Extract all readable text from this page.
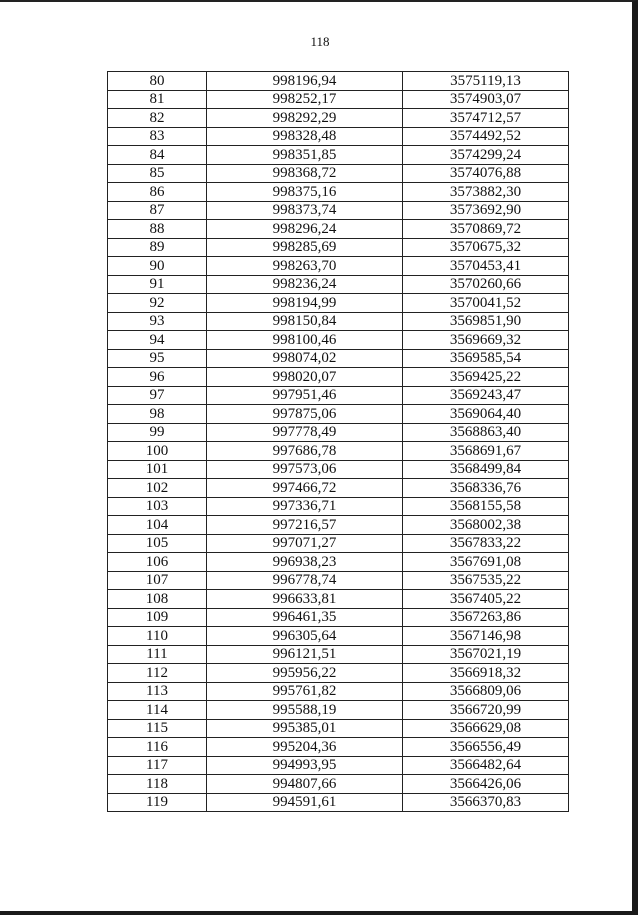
118
80	998196,94	3575119,13
81	998252,17	3574903,07
82	998292,29	3574712,57
83	998328,48	3574492,52
84	998351,85	3574299,24
85	998368,72	3574076,88
86	998375,16	3573882,30
87	998373,74	3573692,90
88	998296,24	3570869,72
89	998285,69	3570675,32
90	998263,70	3570453,41
91	998236,24	3570260,66
92	998194,99	3570041,52
93	998150,84	3569851,90
94	998100,46	3569669,32
95	998074,02	3569585,54
96	998020,07	3569425,22
97	997951,46	3569243,47
98	997875,06	3569064,40
99	997778,49	3568863,40
100	997686,78	3568691,67
101	997573,06	3568499,84
102	997466,72	3568336,76
103	997336,71	3568155,58
104	997216,57	3568002,38
105	997071,27	3567833,22
106	996938,23	3567691,08
107	996778,74	3567535,22
108	996633,81	3567405,22
109	996461,35	3567263,86
110	996305,64	3567146,98
111	996121,51	3567021,19
112	995956,22	3566918,32
113	995761,82	3566809,06
114	995588,19	3566720,99
115	995385,01	3566629,08
116	995204,36	3566556,49
117	994993,95	3566482,64
118	994807,66	3566426,06
119	994591,61	3566370,83
